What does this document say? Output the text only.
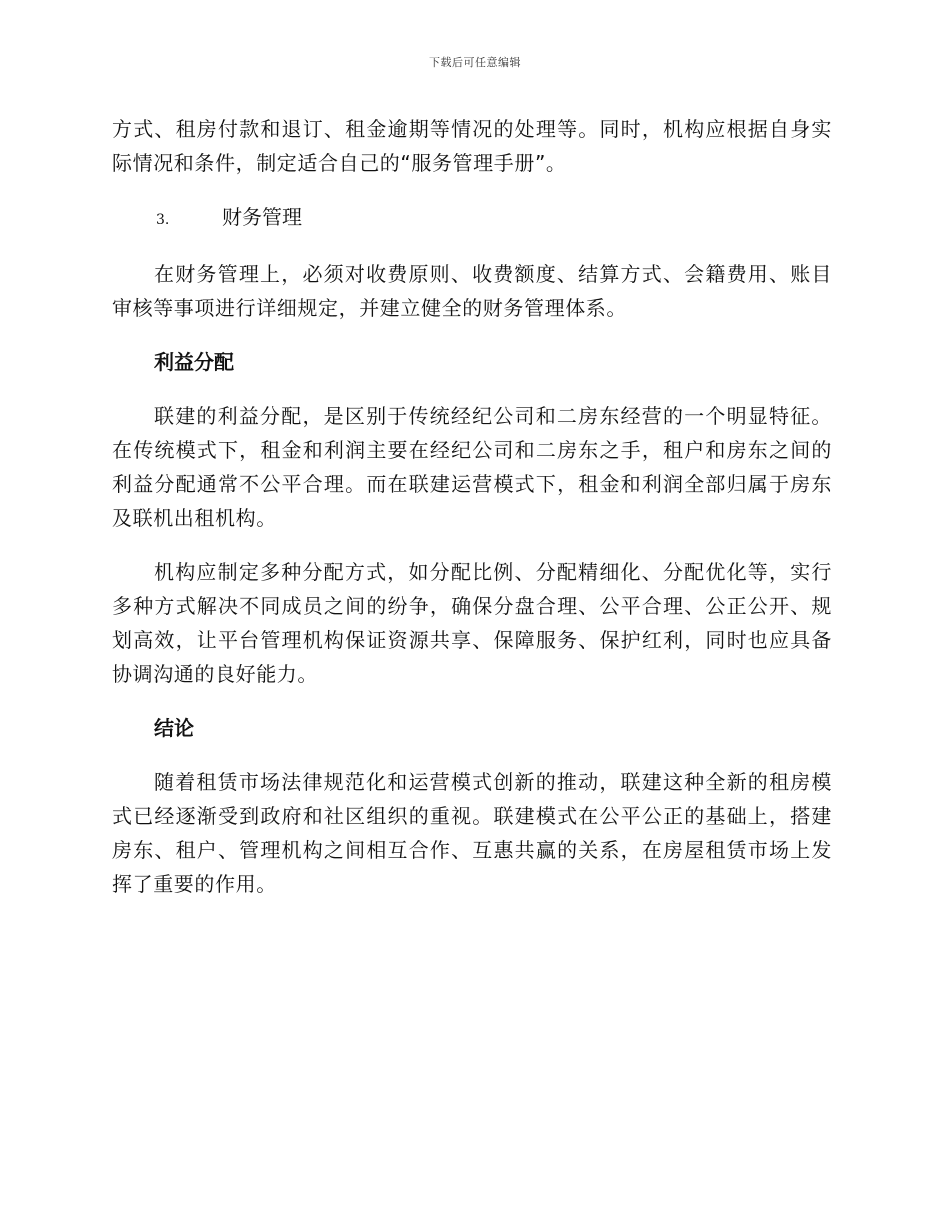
下载后可任意编辑

方式、租房付款和退订、租金逾期等情况的处理等。同时，机构应根据自身实际情况和条件，制定适合自己的“服务管理手册”。

3.	财务管理

在财务管理上，必须对收费原则、收费额度、结算方式、会籍费用、账目审核等事项进行详细规定，并建立健全的财务管理体系。

利益分配

联建的利益分配，是区别于传统经纪公司和二房东经营的一个明显特征。在传统模式下，租金和利润主要在经纪公司和二房东之手，租户和房东之间的利益分配通常不公平合理。而在联建运营模式下，租金和利润全部归属于房东及联机出租机构。

机构应制定多种分配方式，如分配比例、分配精细化、分配优化等，实行多种方式解决不同成员之间的纷争，确保分盘合理、公平合理、公正公开、规划高效，让平台管理机构保证资源共享、保障服务、保护红利，同时也应具备协调沟通的良好能力。

结论

随着租赁市场法律规范化和运营模式创新的推动，联建这种全新的租房模式已经逐渐受到政府和社区组织的重视。联建模式在公平公正的基础上，搭建房东、租户、管理机构之间相互合作、互惠共赢的关系，在房屋租赁市场上发挥了重要的作用。
